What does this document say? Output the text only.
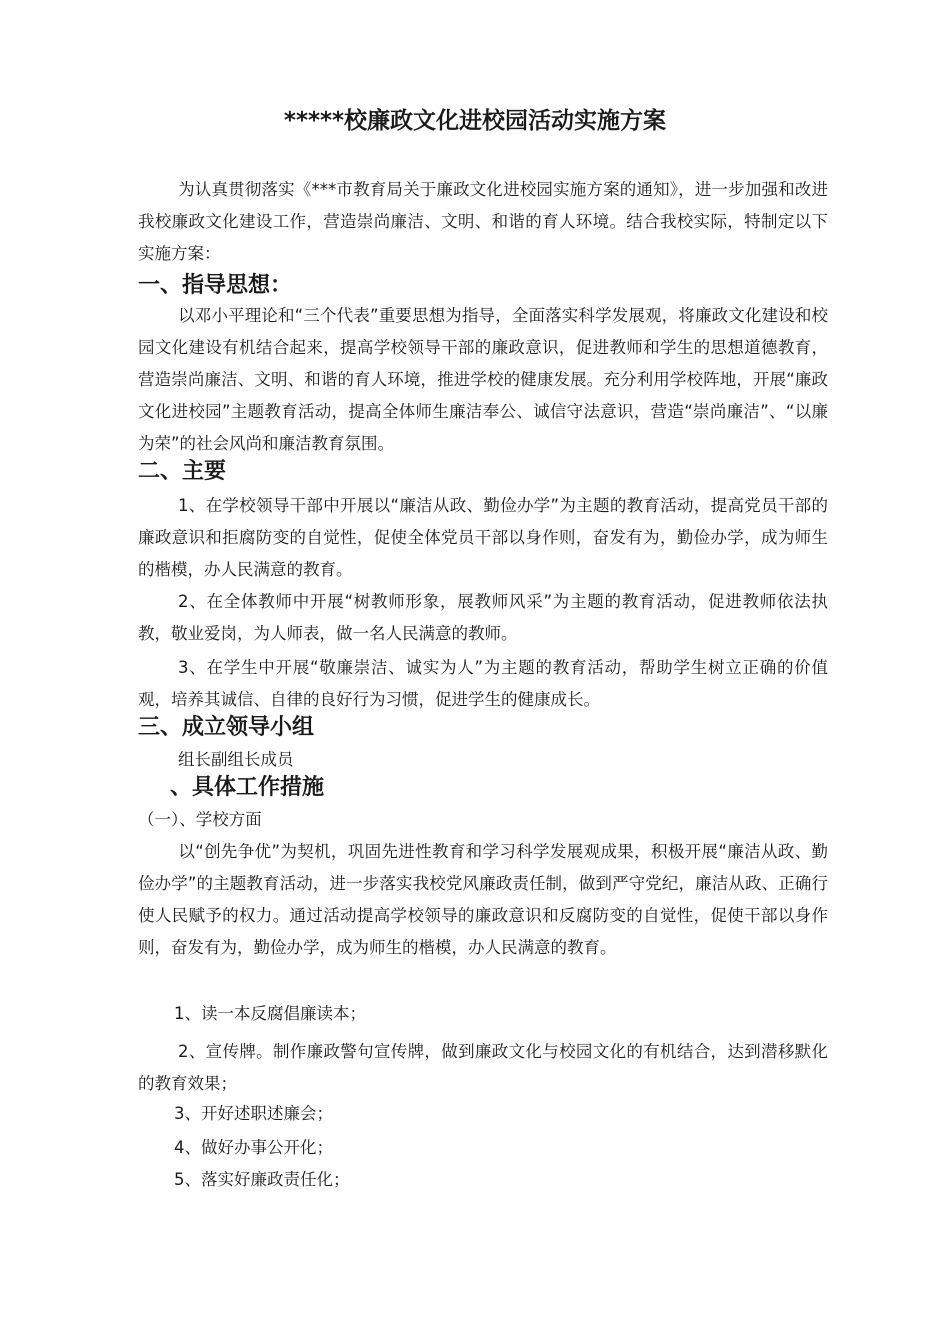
*****校廉政文化进校园活动实施方案
为认真贯彻落实《***市教育局关于廉政文化进校园实施方案的通知》，进一步加强和改进我校廉政文化建设工作，营造崇尚廉洁、文明、和谐的育人环境。结合我校实际，特制定以下实施方案：
一、指导思想：
以邓小平理论和“三个代表”重要思想为指导，全面落实科学发展观，将廉政文化建设和校园文化建设有机结合起来，提高学校领导干部的廉政意识，促进教师和学生的思想道德教育，营造崇尚廉洁、文明、和谐的育人环境，推进学校的健康发展。充分利用学校阵地，开展“廉政文化进校园”主题教育活动，提高全体师生廉洁奉公、诚信守法意识，营造“崇尚廉洁”、“以廉为荣”的社会风尚和廉洁教育氛围。
二、主要
1、在学校领导干部中开展以“廉洁从政、勤俭办学”为主题的教育活动，提高党员干部的廉政意识和拒腐防变的自觉性，促使全体党员干部以身作则，奋发有为，勤俭办学，成为师生的楷模，办人民满意的教育。
2、在全体教师中开展“树教师形象，展教师风采”为主题的教育活动，促进教师依法执教，敬业爱岗，为人师表，做一名人民满意的教师。
3、在学生中开展“敬廉崇洁、诚实为人”为主题的教育活动，帮助学生树立正确的价值观，培养其诚信、自律的良好行为习惯，促进学生的健康成长。
三、成立领导小组
组长副组长成员
、具体工作措施
（一）、学校方面
以“创先争优”为契机，巩固先进性教育和学习科学发展观成果，积极开展“廉洁从政、勤俭办学”的主题教育活动，进一步落实我校党风廉政责任制，做到严守党纪，廉洁从政、正确行使人民赋予的权力。通过活动提高学校领导的廉政意识和反腐防变的自觉性，促使干部以身作则，奋发有为，勤俭办学，成为师生的楷模，办人民满意的教育。
1、读一本反腐倡廉读本；
2、宣传牌。制作廉政警句宣传牌，做到廉政文化与校园文化的有机结合，达到潜移默化的教育效果；
3、开好述职述廉会；
4、做好办事公开化；
5、落实好廉政责任化；
